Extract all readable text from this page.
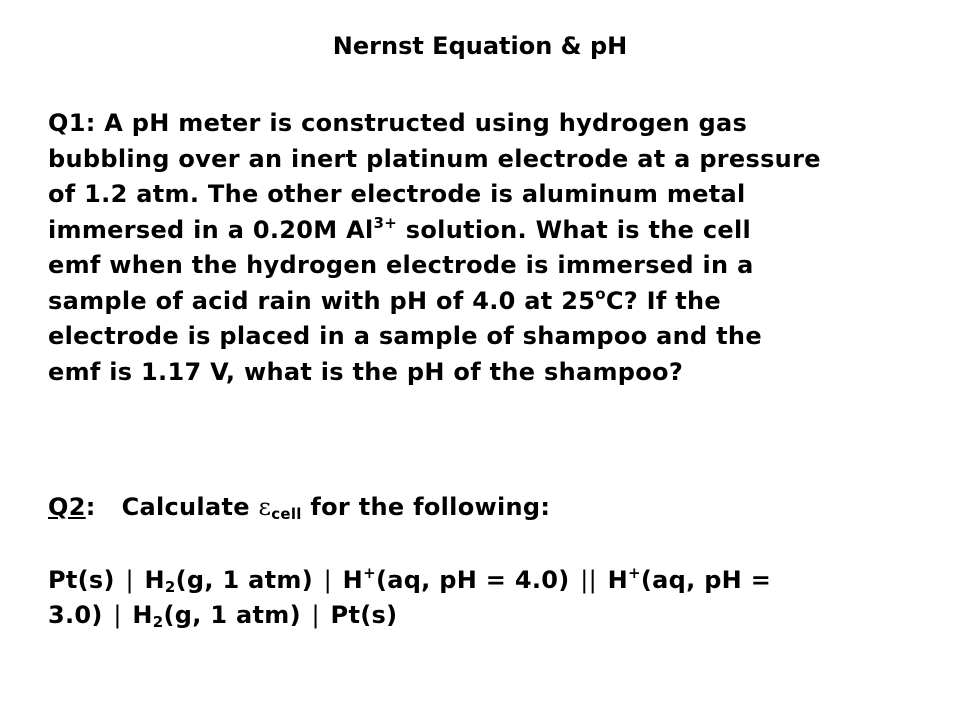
Nernst Equation & pH
Q1: A pH meter is constructed using hydrogen gas
bubbling over an inert platinum electrode at a pressure
of 1.2 atm. The other electrode is aluminum metal
immersed in a 0.20M $Al^{3+}$ solution. What is the cell
emf when the hydrogen electrode is immersed in a
sample of acid rain with pH of 4.0 at 25$^o$C? If the
electrode is placed in a sample of shampoo and the
emf is 1.17 V, what is the pH of the shampoo?
Q2:   Calculate $\varepsilon_{cell}$ for the following:
Pt(s) | $H_2(g$, 1 atm) | H+(aq, pH = 4.0) || H+(aq, pH =
3.0) | $H_2(g$, 1 atm) | Pt(s)
